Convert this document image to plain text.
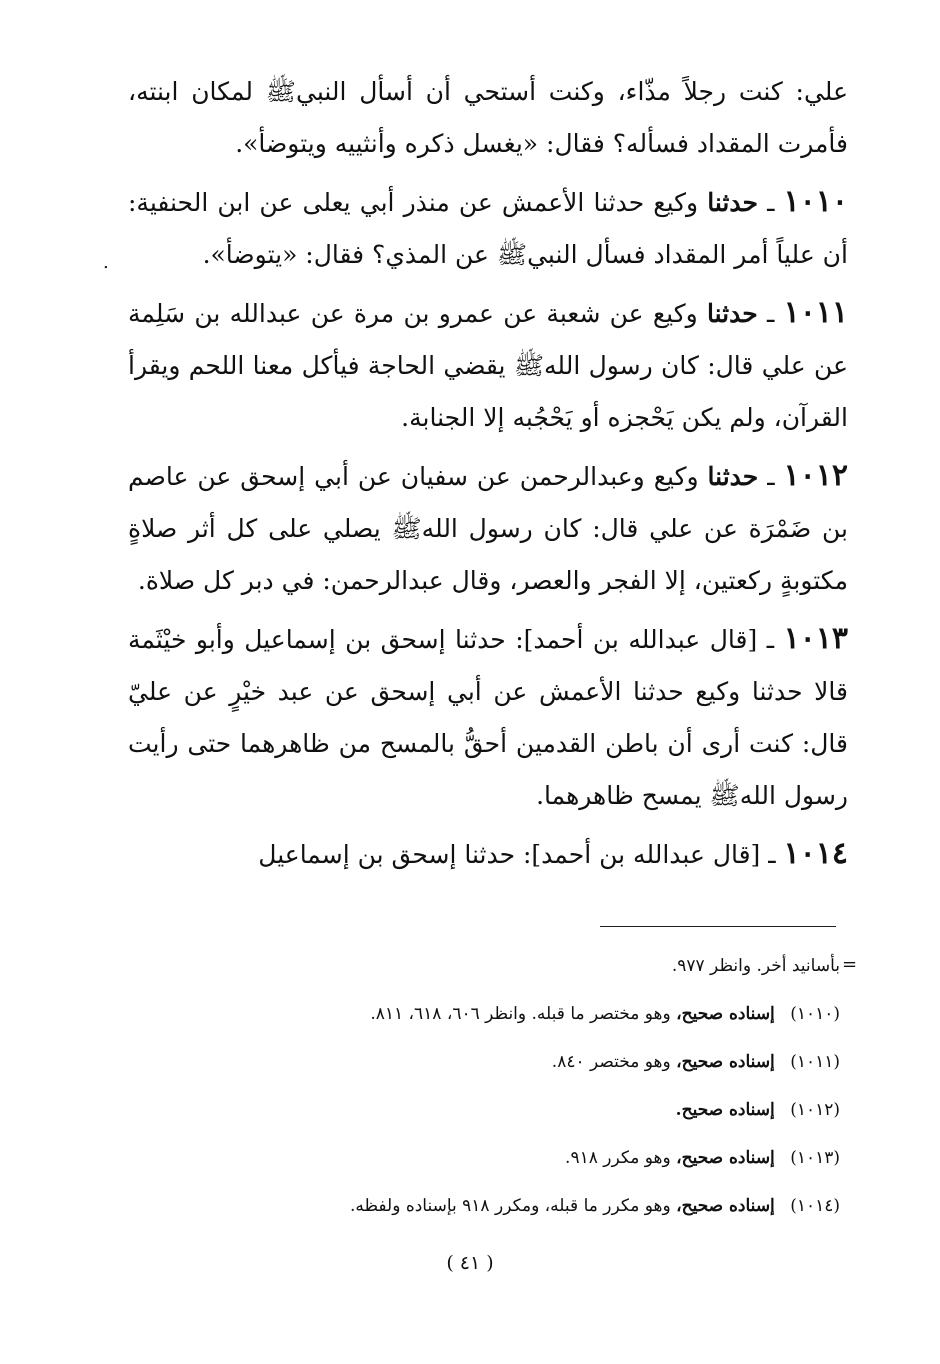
علي: كنت رجلاً مذّاء، وكنت أستحي أن أسأل النبيﷺ لمكان ابنته، فأمرت المقداد فسأله؟ فقال: «يغسل ذكره وأنثييه ويتوضأ».

١٠١٠ ـ حدثنا وكيع حدثنا الأعمش عن منذر أبي يعلى عن ابن الحنفية: أن علياً أمر المقداد فسأل النبيﷺ عن المذي؟ فقال: «يتوضأ».

١٠١١ ـ حدثنا وكيع عن شعبة عن عمرو بن مرة عن عبدالله بن سَلِمة عن علي قال: كان رسول اللهﷺ يقضي الحاجة فيأكل معنا اللحم ويقرأ القرآن، ولم يكن يَحْجزه أو يَحْجُبه إلا الجنابة.

١٠١٢ ـ حدثنا وكيع وعبدالرحمن عن سفيان عن أبي إسحق عن عاصم بن ضَمْرَة عن علي قال: كان رسول اللهﷺ يصلي على كل أثر صلاةٍ مكتوبةٍ ركعتين، إلا الفجر والعصر، وقال عبدالرحمن: في دبر كل صلاة.

١٠١٣ ـ [قال عبدالله بن أحمد]: حدثنا إسحق بن إسماعيل وأبو خيْثَمة قالا حدثنا وكيع حدثنا الأعمش عن أبي إسحق عن عبد خيْرٍ عن عليّ قال: كنت أرى أن باطن القدمين أحقُّ بالمسح من ظاهرهما حتى رأيت رسول اللهﷺ يمسح ظاهرهما.

١٠١٤ ـ [قال عبدالله بن أحمد]: حدثنا إسحق بن إسماعيل

.
=
بأسانيد أخر. وانظر ٩٧٧.
(١٠١٠) إسناده صحيح، وهو مختصر ما قبله. وانظر ٦٠٦، ٦١٨، ٨١١.
(١٠١١) إسناده صحيح، وهو مختصر ٨٤٠.
(١٠١٢) إسناده صحيح.
(١٠١٣) إسناده صحيح، وهو مكرر ٩١٨.
(١٠١٤) إسناده صحيح، وهو مكرر ما قبله، ومكرر ٩١٨ بإسناده ولفظه.
( ٤١ )
